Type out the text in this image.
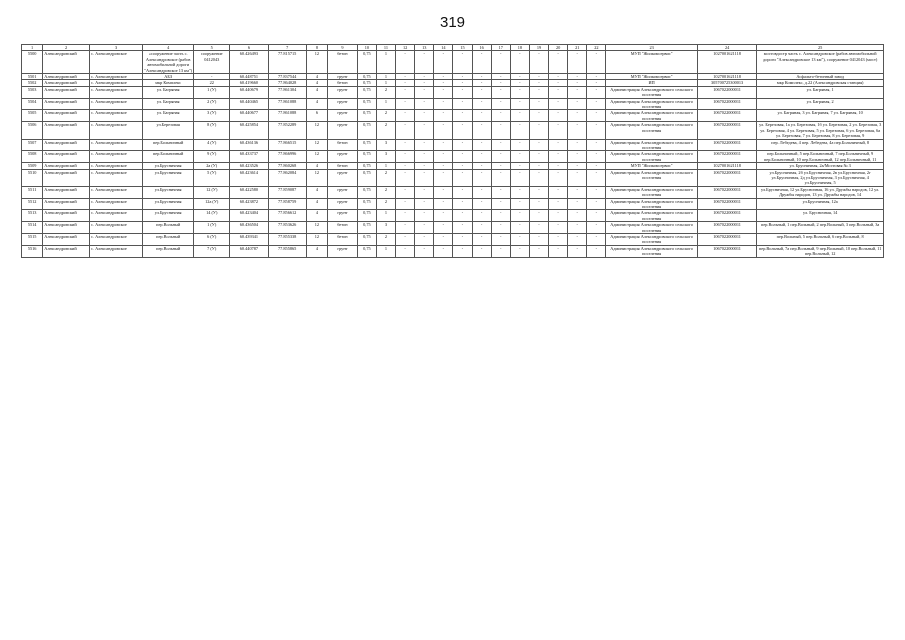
319
1	2	3	4	5	6	7	8	9	10	11	12	13	14	15	16	17	18	19	20	21	22	23	24	25
5500	Александровский	с. Александровское	«сооружение часть с. Александровское (рабов автомобильной дороги "Александровское 13 км")	сооружение 0412043	60.426493	77.815715	12	бетон	0,75	1	-	-	-	-	-	-	-	-	-	-	-	МУП "Жилкомсервис"	1027001621118	мостовдостр часть с. Александровское (рабов автомобильной дороги "Александровское 13 км"), сооружение 0412043 (мост)
5501	Александровский	с. Александровское	АБЗ	-	60.448751	77.837544	4	грунт	0,75	1	-	-	-	-	-	-	-	-	-	-	-	МУП "Жилкомсервис"	1027001621118	Асфальто-бетонный завод
5502	Александровский	с. Александровское	мкр Комплекс	22	60.419660	77.864028	4	бетон	0,75	1	-	-	-	-	-	-	-	-	-	-	-	ИП	305700725300013	мкр Комплекс, д.22 (Александровская станция)
5503	Александровский	с. Александровское	ул. Багряная	1 (У)	60.440679	77.861304	4	грунт	0,75	2	-	-	-	-	-	-	-	-	-	-	-	Администрация Александровского сельского поселения	1067022000011	ул. Багряная, 1
5504	Александровский	с. Александровское	ул. Багряная	2 (У)	60.440465	77.861088	4	грунт	0,75	1	-	-	-	-	-	-	-	-	-	-	-	Администрация Александровского сельского поселения	1067022000011	ул. Багряная, 2
5505	Александровский	с. Александровское	ул. Багряная	3 (У)	60.440677	77.861088	6	грунт	0,75	2	-	-	-	-	-	-	-	-	-	-	-	Администрация Александровского сельского поселения	1067022000011	ул. Багряная, 3 ул. Багряная, 7 ул. Багряная, 10
5506	Александровский	с. Александровское	ул.Березовая	8 (У)	60.425854	77.852289	12	грунт	0,75	2	-	-	-	-	-	-	-	-	-	-	-	Администрация Александровского сельского поселения	1067022000011	ул. Березовая, 1а ул. Березовая, 1б ул. Березовая, 2 ул. Березовая, 3 ул. Березовая, 4 ул. Березовая, 5 ул. Березовая, 6 ул. Березовая, 6а ул. Березовая, 7 ул. Березовая, 8 ул. Березовая, 9
5507	Александровский	с. Александровское	пер.Больничный	4 (У)	60.436136	77.866515	12	бетон	0,75	3	-	-	-	-	-	-	-	-	-	-	-	Администрация Александровского сельского поселения	1067022000011	пер. Лебедева, 4 пер. Лебедева, 4а пер.Больничный, 8
5508	Александровский	с. Александровское	пер.Больничный	9 (У)	60.433737	77.866996	12	грунт	0,75	3	-	-	-	-	-	-	-	-	-	-	-	Администрация Александровского сельского поселения	1067022000011	пер.Больничный, 5 пер.Больничный, 7 пер.Больничный, 9 пер.Больничный, 10 пер.Больничный, 12 пер.Больничный, 11
5509	Александровский	с. Александровское	ул.Брусничная	2а (У)	60.423526	77.860268	4	бетон	0,75	1	-	-	-	-	-	-	-	-	-	-	-	МУП "Жилкомсервис"	1027001621118	ул. Брусничная, 2а/Мостовая № 3
5510	Александровский	с. Александровское	ул.Брусничная	5 (У)	60.423614	77.862084	12	грунт	0,75	2	-	-	-	-	-	-	-	-	-	-	-	Администрация Александровского сельского поселения	1067022000011	ул.Брусничная, 2б ул.Брусничная, 2в ул.Брусничная, 2г ул.Брусничная, 2д ул.Брусничная, 3 ул.Брусничная, 4 ул.Брусничная, 5
5511	Александровский	с. Александровское	ул.Брусничная	12 (У)	60.422580	77.859087	4	грунт	0,75	2	-	-	-	-	-	-	-	-	-	-	-	Администрация Александровского сельского поселения	1067022000011	ул.Брусничная, 12 ул.Брусничная, 16 ул. Дружбы народов, 12 ул. Дружбы народов, 13 ул. Дружбы народов, 14
5512	Александровский	с. Александровское	ул.Брусничная	12а (У)	60.423872	77.858759	4	грунт	0,75	2	-	-	-	-	-	-	-	-	-	-	-	Администрация Александровского сельского поселения	1067022000011	ул.Брусничная, 12а
5513	Александровский	с. Александровское	ул.Брусничная	14 (У)	60.423404	77.856612	4	грунт	0,75	1	-	-	-	-	-	-	-	-	-	-	-	Администрация Александровского сельского поселения	1067022000011	ул. Брусничная, 14
5514	Александровский	с. Александровское	пер.Вольный	1 (У)	60.436504	77.853626	12	бетон	0,75	3	-	-	-	-	-	-	-	-	-	-	-	Администрация Александровского сельского поселения	1067022000011	пер.Вольный, 1 пер.Вольный, 2 пер.Вольный, 3 пер.Вольный, 3а
5515	Александровский	с. Александровское	пер.Вольный	6 (У)	60.439341	77.855338	12	бетон	0,75	2	-	-	-	-	-	-	-	-	-	-	-	Администрация Александровского сельского поселения	1067022000011	пер.Вольный, 5 пер.Вольный, 6 пер.Вольный, 8
5516	Александровский	с. Александровское	пер.Вольный	7 (У)	60.440787	77.855865	4	грунт	0,75	1	-	-	-	-	-	-	-	-	-	-	-	Администрация Александровского сельского поселения	1067022000011	пер.Вольный, 7а пер.Вольный, 9 пер.Вольный, 10 пер.Вольный, 11 пер.Вольный, 12
